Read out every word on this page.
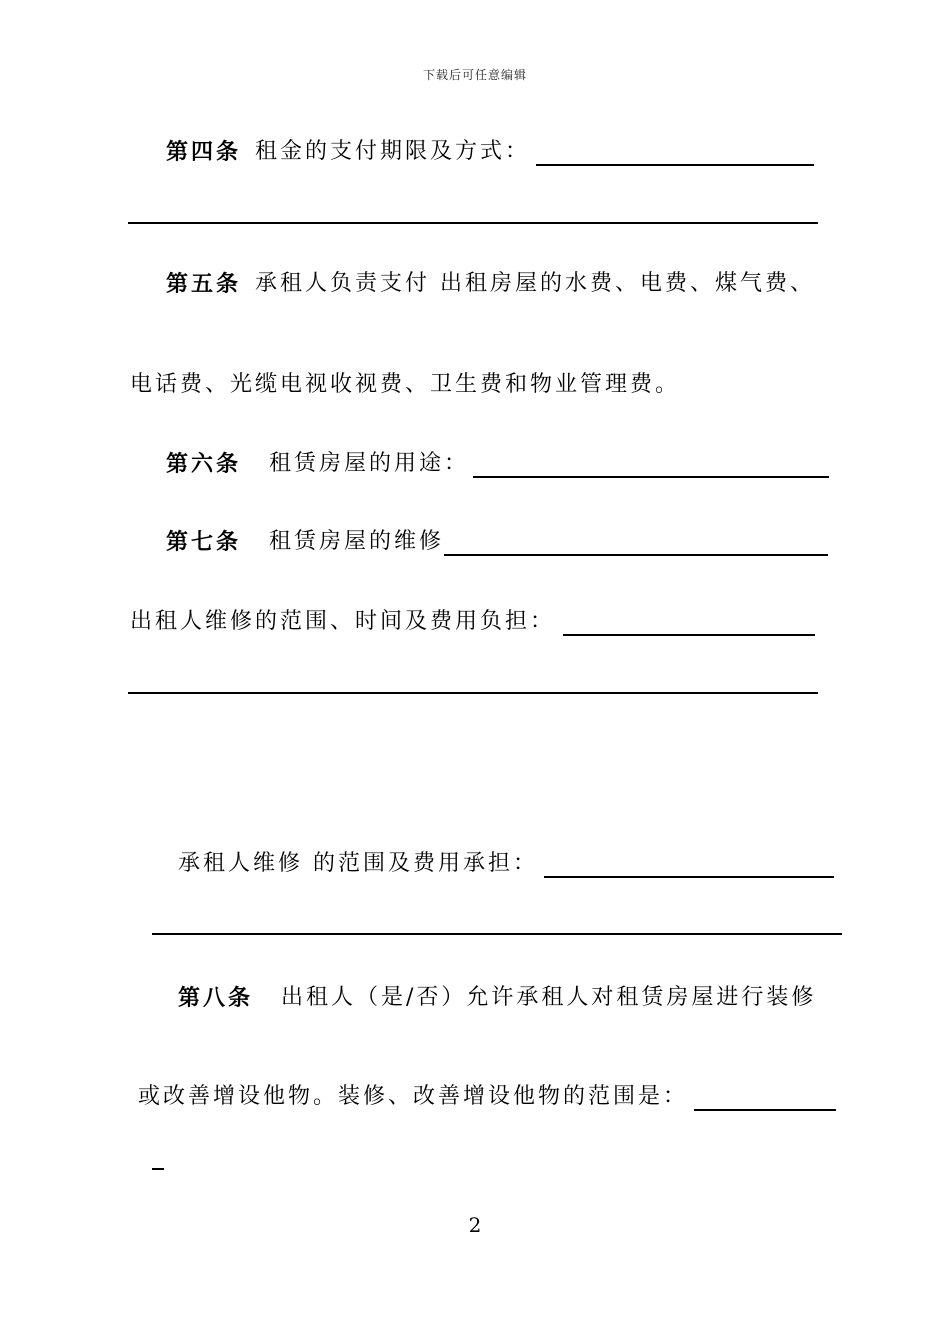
下载后可任意编辑
第四条 租金的支付期限及方式：
第五条 承租人负责支付 出租房屋的水费、电费、煤气费、
电话费、光缆电视收视费、卫生费和物业管理费。
第六条 租赁房屋的用途：
第七条 租赁房屋的维修
出租人维修的范围、时间及费用负担：
承租人维修 的范围及费用承担：
第八条 出租人（是/否）允许承租人对租赁房屋进行装修
或改善增设他物。装修、改善增设他物的范围是：
2
